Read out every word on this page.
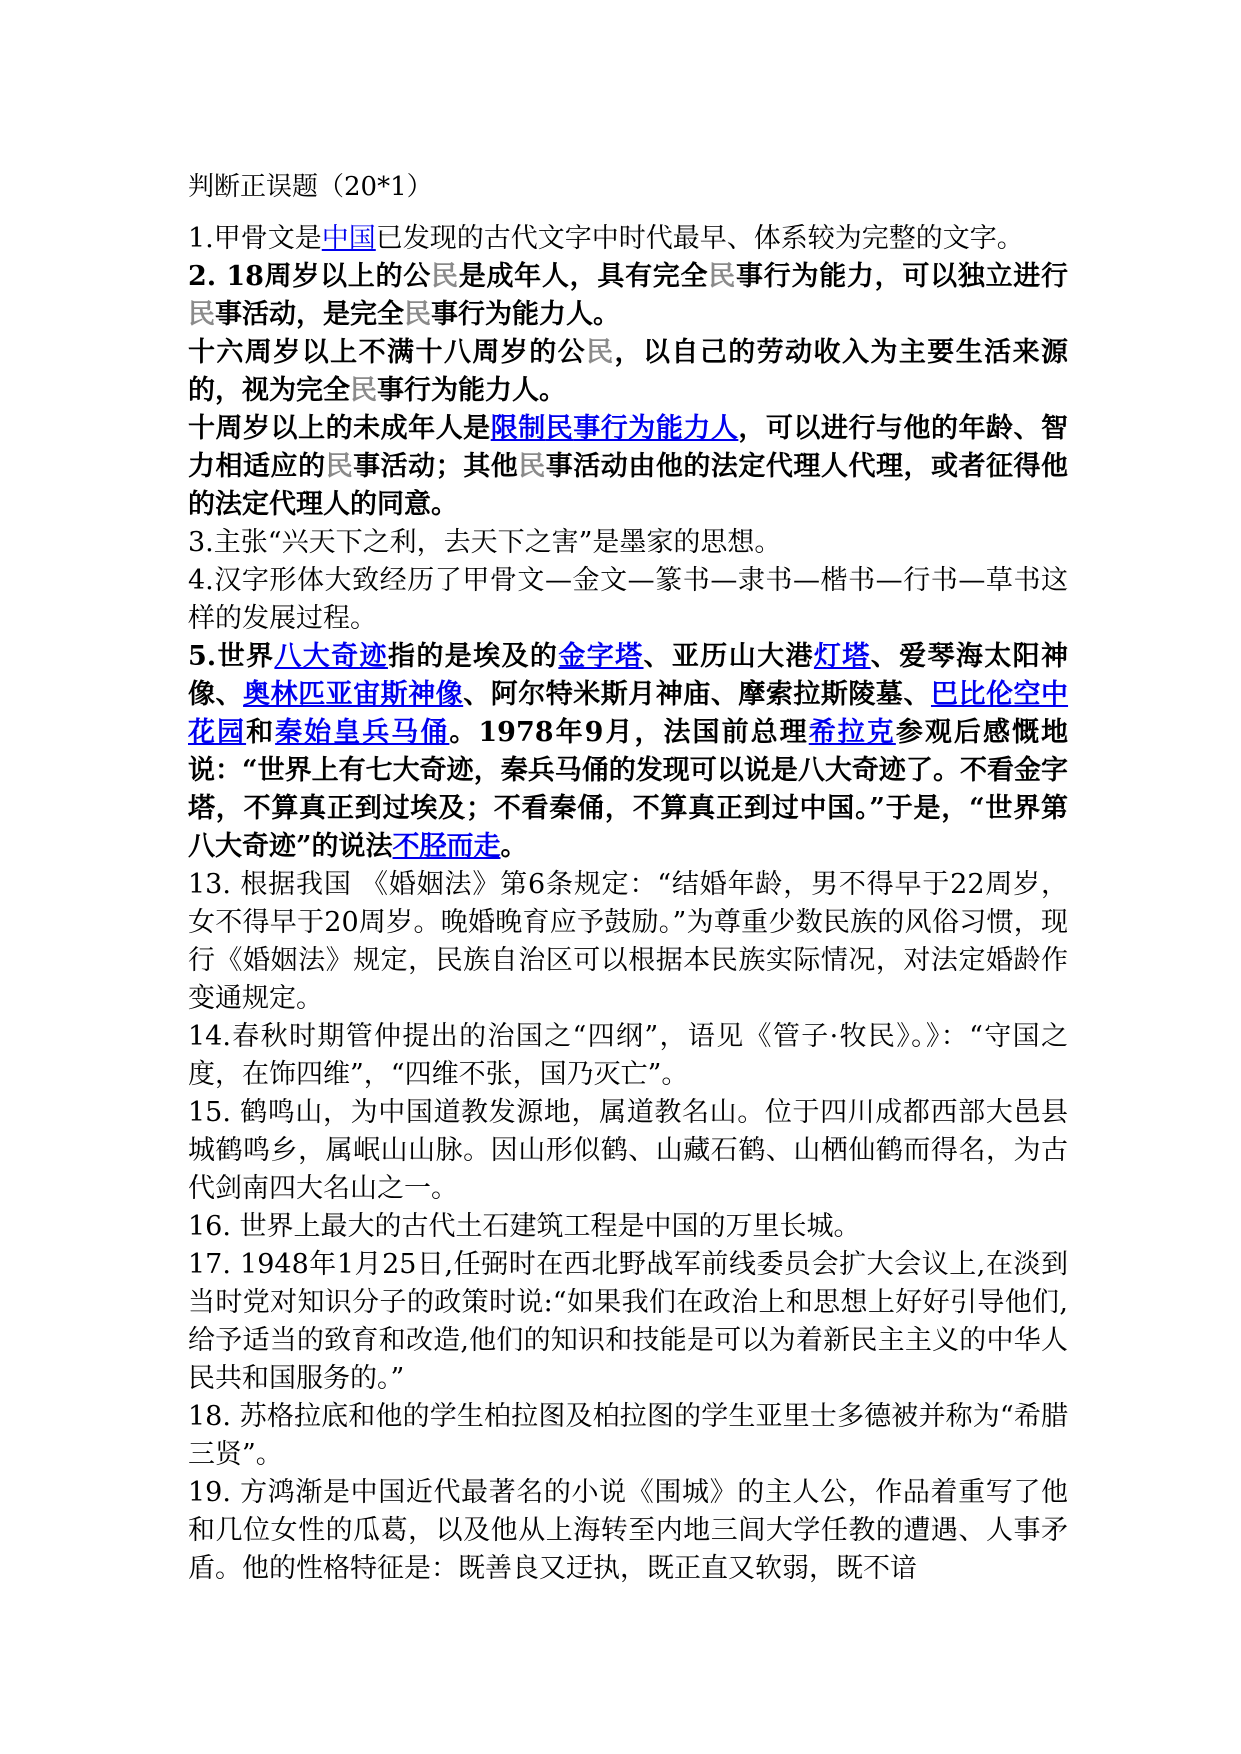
判断正误题（20*1）

1.甲骨文是中国已发现的古代文字中时代最早、体系较为完整的文字。

2. 18周岁以上的公民是成年人，具有完全民事行为能力，可以独立进行民事活动，是完全民事行为能力人。

十六周岁以上不满十八周岁的公民，以自己的劳动收入为主要生活来源的，视为完全民事行为能力人。

十周岁以上的未成年人是限制民事行为能力人，可以进行与他的年龄、智力相适应的民事活动；其他民事活动由他的法定代理人代理，或者征得他的法定代理人的同意。

3.主张“兴天下之利，去天下之害”是墨家的思想。

4.汉字形体大致经历了甲骨文—金文—篆书—隶书—楷书—行书—草书这样的发展过程。

5.世界八大奇迹指的是埃及的金字塔、亚历山大港灯塔、爱琴海太阳神像、奥林匹亚宙斯神像、阿尔特米斯月神庙、摩索拉斯陵墓、巴比伦空中花园和秦始皇兵马俑。1978年9月，法国前总理希拉克参观后感慨地说：“世界上有七大奇迹，秦兵马俑的发现可以说是八大奇迹了。不看金字塔，不算真正到过埃及；不看秦俑，不算真正到过中国。”于是，“世界第八大奇迹”的说法不胫而走。

13. 根据我国 《婚姻法》第6条规定：“结婚年龄，男不得早于22周岁，女不得早于20周岁。晚婚晚育应予鼓励。”为尊重少数民族的风俗习惯，现行《婚姻法》规定，民族自治区可以根据本民族实际情况，对法定婚龄作变通规定。

14.春秋时期管仲提出的治国之“四纲”，语见《管子·牧民》。》：“守国之度，在饰四维”，“四维不张，国乃灭亡”。

15. 鹤鸣山，为中国道教发源地，属道教名山。位于四川成都西部大邑县城鹤鸣乡，属岷山山脉。因山形似鹤、山藏石鹤、山栖仙鹤而得名，为古代剑南四大名山之一。

16. 世界上最大的古代土石建筑工程是中国的万里长城。

17. 1948年1月25日,任弼时在西北野战军前线委员会扩大会议上,在淡到当时党对知识分子的政策时说:“如果我们在政治上和思想上好好引导他们,给予适当的致育和改造,他们的知识和技能是可以为着新民主主义的中华人民共和国服务的。”

18. 苏格拉底和他的学生柏拉图及柏拉图的学生亚里士多德被并称为“希腊三贤”。

19. 方鸿渐是中国近代最著名的小说《围城》的主人公，作品着重写了他和几位女性的瓜葛，以及他从上海转至内地三闾大学任教的遭遇、人事矛盾。他的性格特征是：既善良又迂执，既正直又软弱，既不谙
